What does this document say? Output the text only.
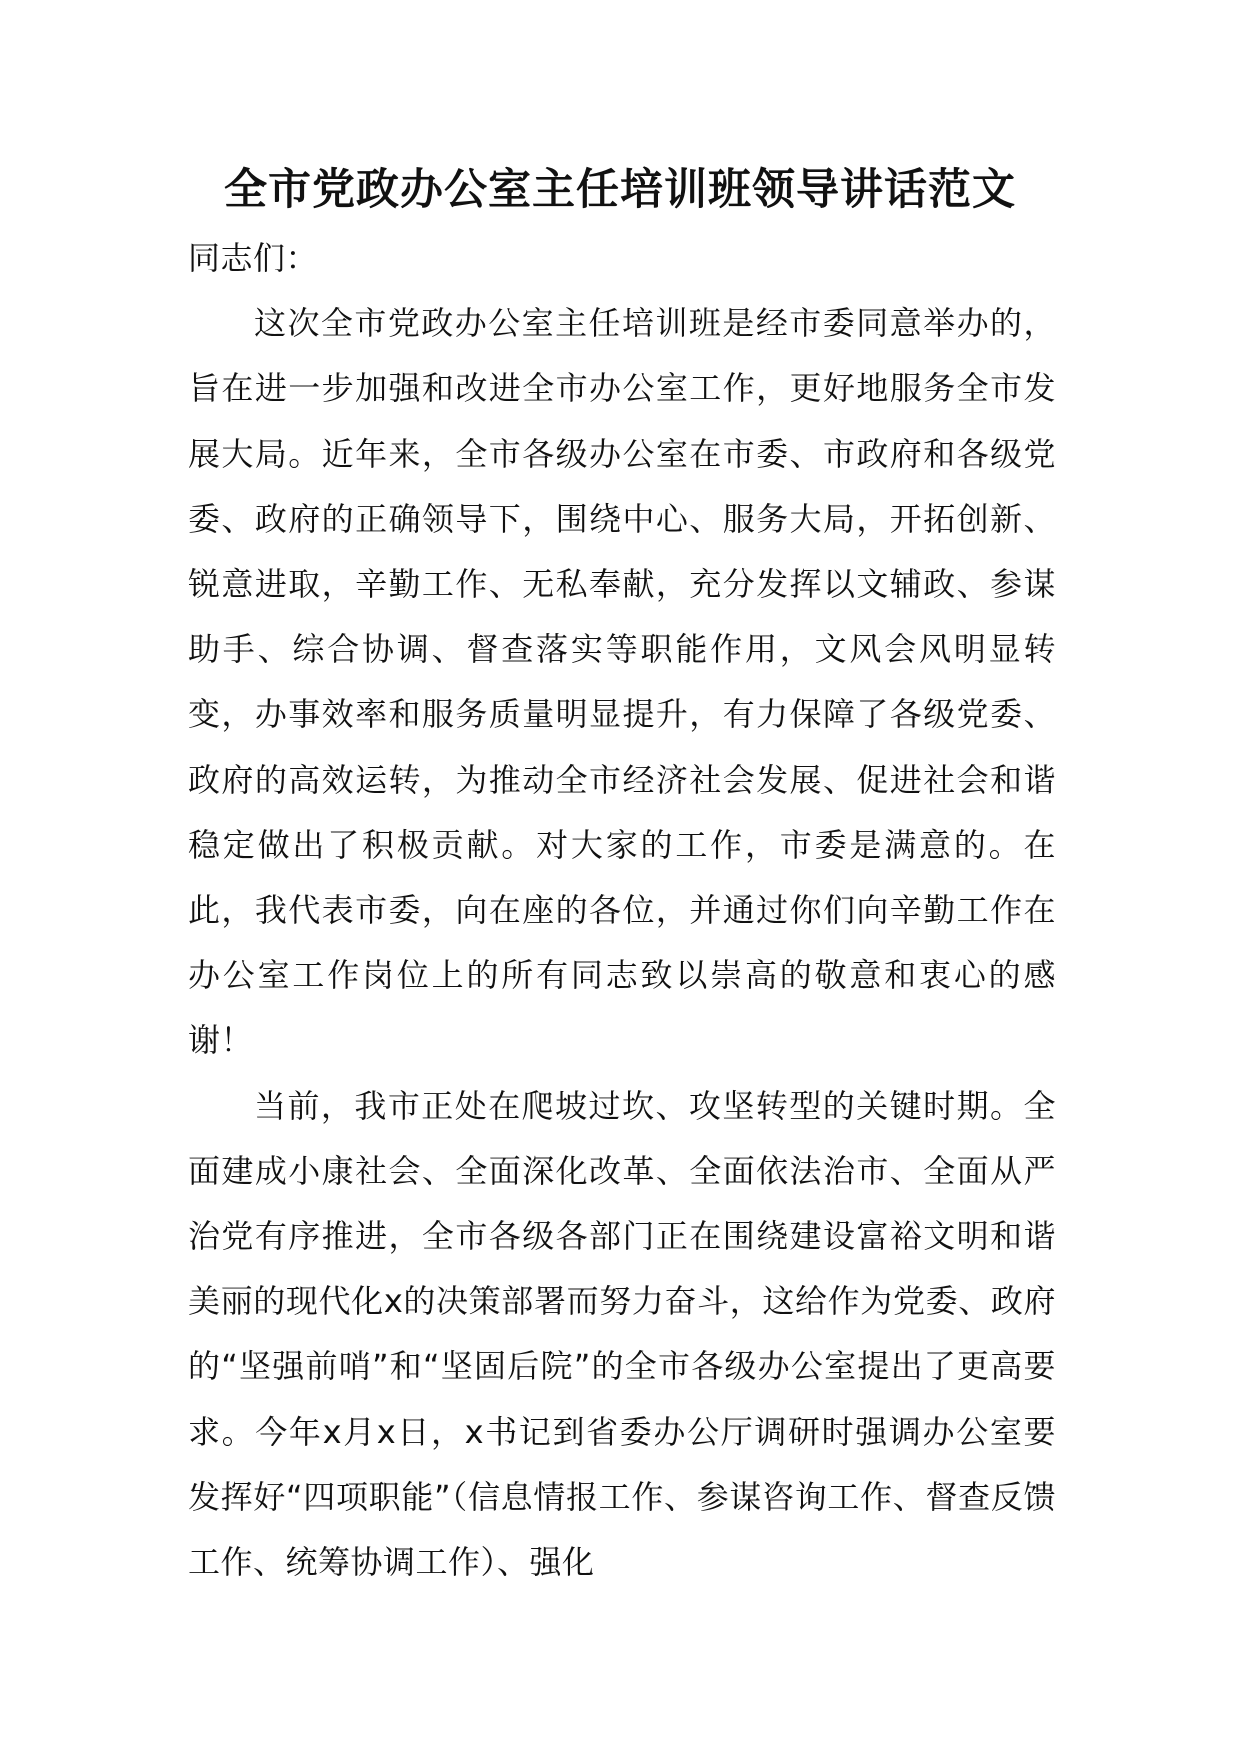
全市党政办公室主任培训班领导讲话范文

同志们：

这次全市党政办公室主任培训班是经市委同意举办的，旨在进一步加强和改进全市办公室工作，更好地服务全市发展大局。近年来，全市各级办公室在市委、市政府和各级党委、政府的正确领导下，围绕中心、服务大局，开拓创新、锐意进取，辛勤工作、无私奉献，充分发挥以文辅政、参谋助手、综合协调、督查落实等职能作用，文风会风明显转变，办事效率和服务质量明显提升，有力保障了各级党委、政府的高效运转，为推动全市经济社会发展、促进社会和谐稳定做出了积极贡献。对大家的工作，市委是满意的。在此，我代表市委，向在座的各位，并通过你们向辛勤工作在办公室工作岗位上的所有同志致以崇高的敬意和衷心的感谢！

当前，我市正处在爬坡过坎、攻坚转型的关键时期。全面建成小康社会、全面深化改革、全面依法治市、全面从严治党有序推进，全市各级各部门正在围绕建设富裕文明和谐美丽的现代化x的决策部署而努力奋斗，这给作为党委、政府的“坚强前哨”和“坚固后院”的全市各级办公室提出了更高要求。今年x月x日，x书记到省委办公厅调研时强调办公室要发挥好“四项职能”（信息情报工作、参谋咨询工作、督查反馈工作、统筹协调工作）、强化
